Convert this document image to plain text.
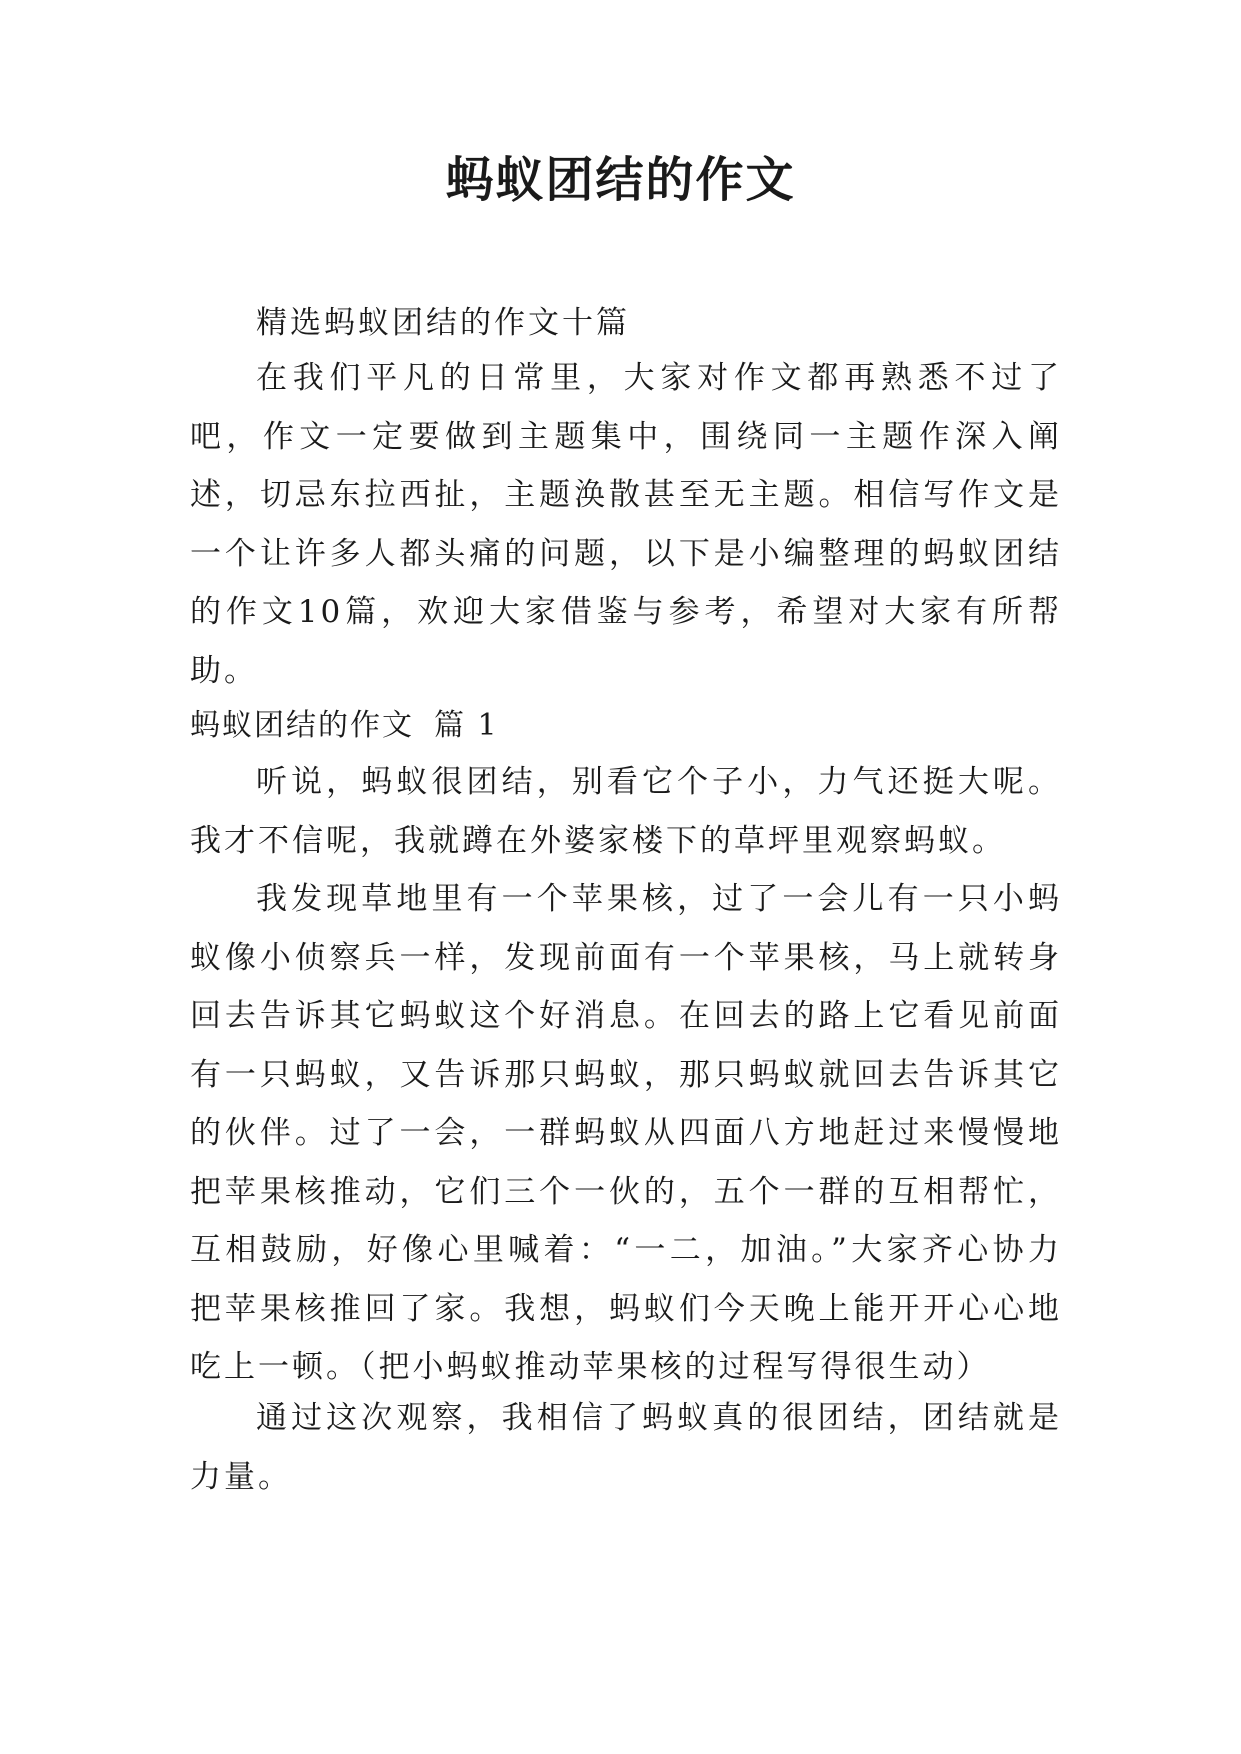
蚂蚁团结的作文
精选蚂蚁团结的作文十篇
在我们平凡的日常里，大家对作文都再熟悉不过了吧，作文一定要做到主题集中，围绕同一主题作深入阐述，切忌东拉西扯，主题涣散甚至无主题。相信写作文是一个让许多人都头痛的问题，以下是小编整理的蚂蚁团结的作文10篇，欢迎大家借鉴与参考，希望对大家有所帮助。
蚂蚁团结的作文 篇 1
听说，蚂蚁很团结，别看它个子小，力气还挺大呢。我才不信呢，我就蹲在外婆家楼下的草坪里观察蚂蚁。
我发现草地里有一个苹果核，过了一会儿有一只小蚂蚁像小侦察兵一样，发现前面有一个苹果核，马上就转身回去告诉其它蚂蚁这个好消息。在回去的路上它看见前面有一只蚂蚁，又告诉那只蚂蚁，那只蚂蚁就回去告诉其它的伙伴。过了一会，一群蚂蚁从四面八方地赶过来慢慢地把苹果核推动，它们三个一伙的，五个一群的互相帮忙，互相鼓励，好像心里喊着：“一二，加油。”大家齐心协力把苹果核推回了家。我想，蚂蚁们今天晚上能开开心心地吃上一顿。（把小蚂蚁推动苹果核的过程写得很生动）
通过这次观察，我相信了蚂蚁真的很团结，团结就是力量。
